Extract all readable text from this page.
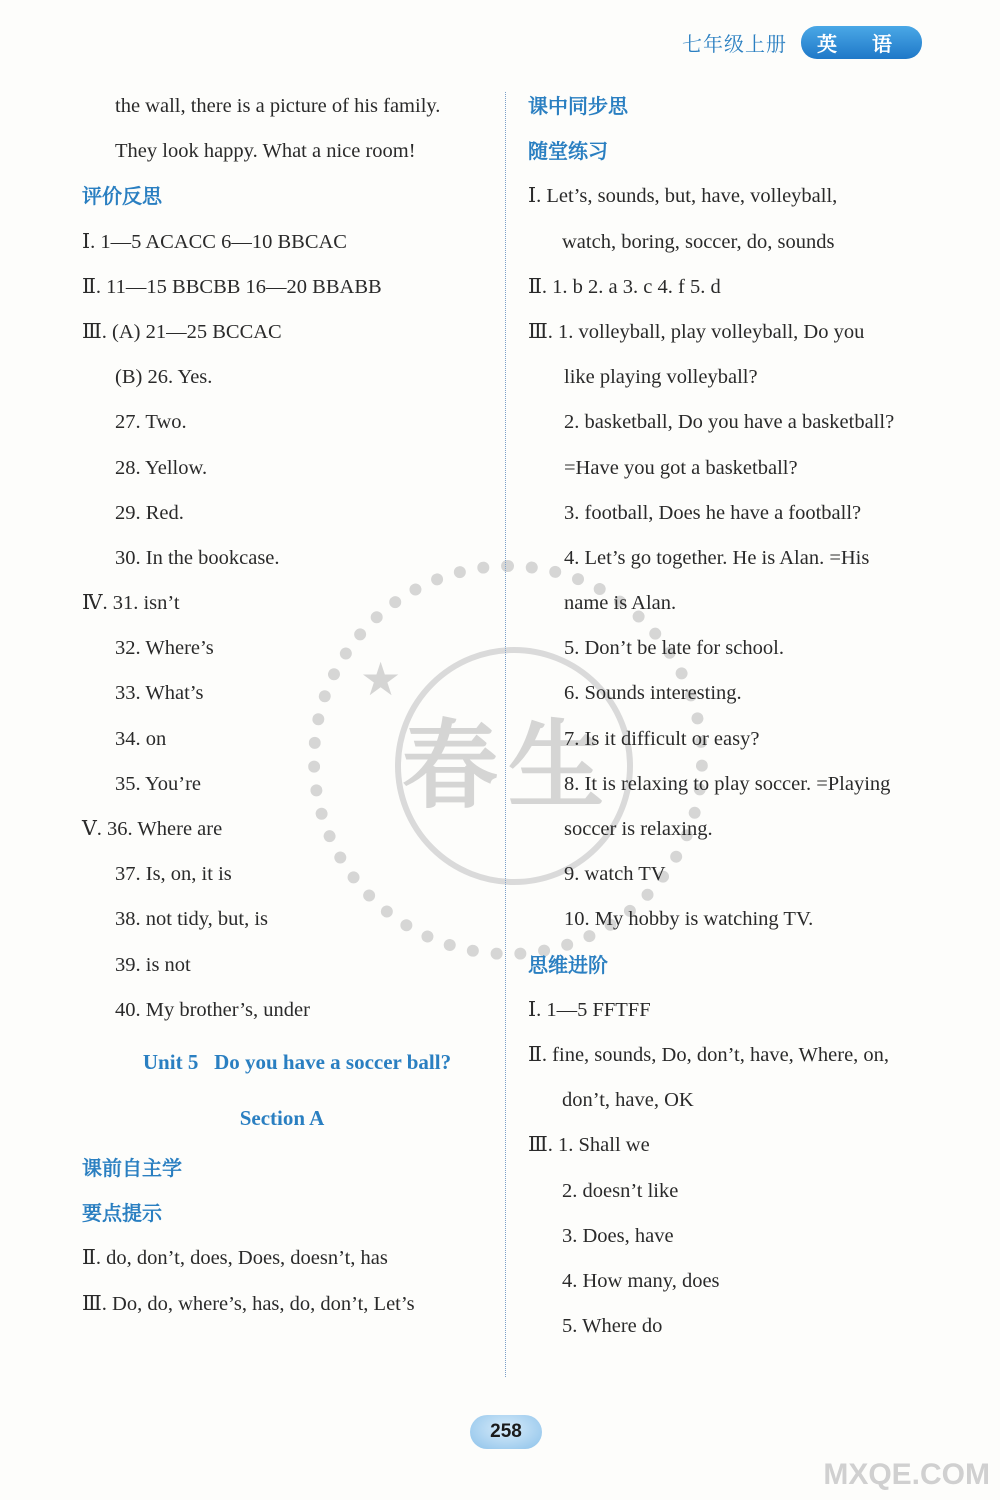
七年级上册	英 语
★
春生
the wall, there is a picture of his family.
They look happy. What a nice room!
评价反思
Ⅰ. 1—5 ACACC 6—10 BBCAC
Ⅱ. 11—15 BBCBB 16—20 BBABB
Ⅲ. (A) 21—25 BCCAC
(B) 26. Yes.
27. Two.
28. Yellow.
29. Red.
30. In the bookcase.
Ⅳ. 31. isn’t
32. Where’s
33. What’s
34. on
35. You’re
Ⅴ. 36. Where are
37. Is, on, it is
38. not tidy, but, is
39. is not
40. My brother’s, under
Unit 5   Do you have a soccer ball?
Section A
课前自主学
要点提示
Ⅱ. do, don’t, does, Does, doesn’t, has
Ⅲ. Do, do, where’s, has, do, don’t, Let’s
课中同步思
随堂练习
Ⅰ. Let’s, sounds, but, have, volleyball,
watch, boring, soccer, do, sounds
Ⅱ. 1. b 2. a 3. c 4. f 5. d
Ⅲ. 1. volleyball, play volleyball, Do you
like playing volleyball?
2. basketball, Do you have a basketball?
=Have you got a basketball?
3. football, Does he have a football?
4. Let’s go together. He is Alan. =His
name is Alan.
5. Don’t be late for school.
6. Sounds interesting.
7. Is it difficult or easy?
8. It is relaxing to play soccer. =Playing
soccer is relaxing.
9. watch TV
10. My hobby is watching TV.
思维进阶
Ⅰ. 1—5 FFTFF
Ⅱ. fine, sounds, Do, don’t, have, Where, on,
don’t, have, OK
Ⅲ. 1. Shall we
2. doesn’t like
3. Does, have
4. How many, does
5. Where do
258
MXQE.COM
